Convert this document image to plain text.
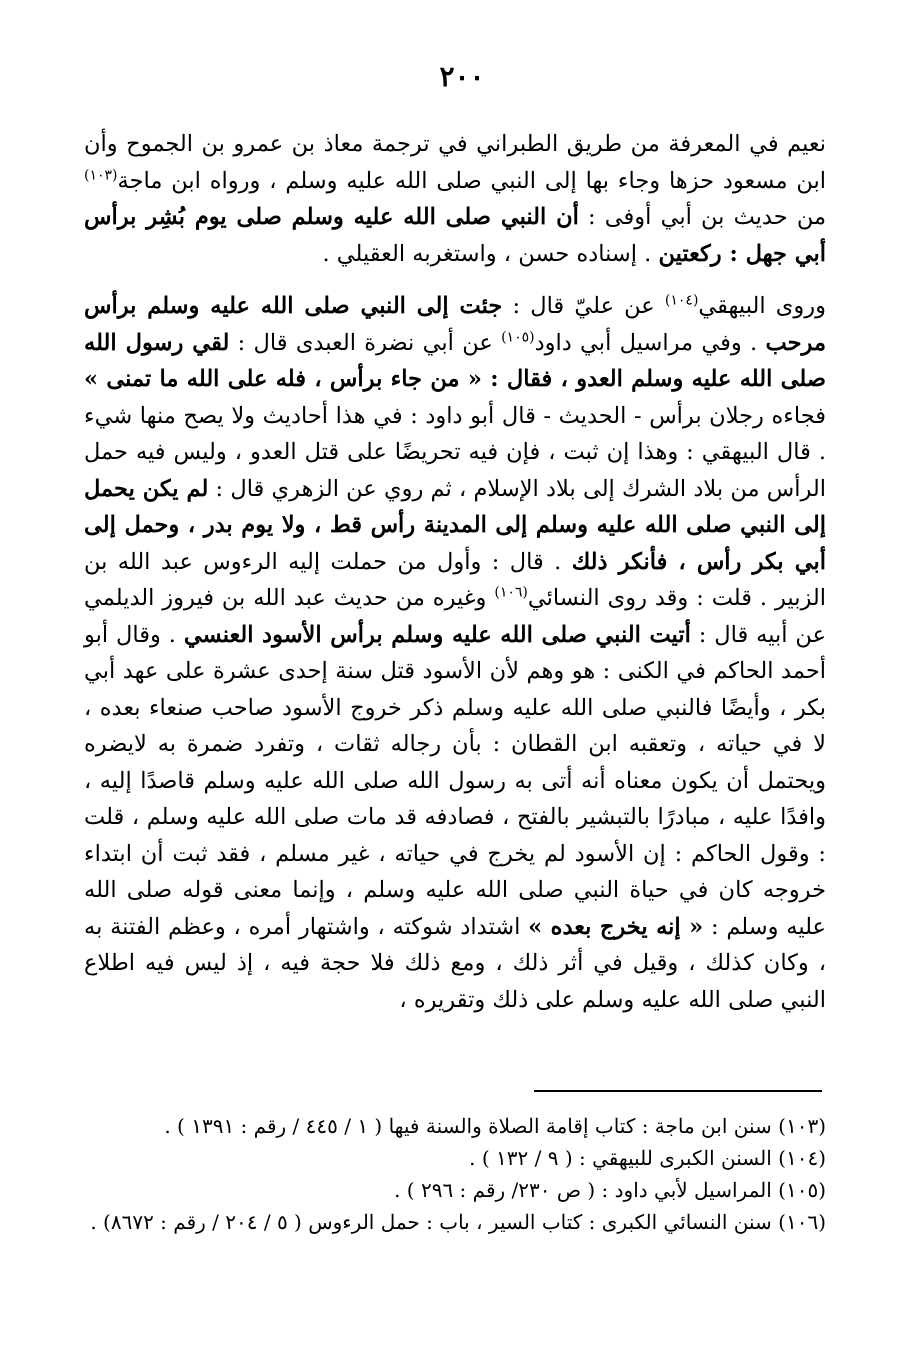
٢٠٠

نعيم في المعرفة من طريق الطبراني في ترجمة معاذ بن عمرو بن الجموح وأن ابن مسعود حزها وجاء بها إلى النبي صلى الله عليه وسلم ، ورواه ابن ماجة$^{(١٠٣)}$ من حديث بن أبي أوفى : أن النبي صلى الله عليه وسلم صلى يوم بُشِر برأس أبي جهل : ركعتين . إسناده حسن ، واستغربه العقيلي .

وروى البيهقي$^{(١٠٤)}$ عن عليّ قال : جئت إلى النبي صلى الله عليه وسلم برأس مرحب . وفي مراسيل أبي داود$^{(١٠٥)}$ عن أبي نضرة العبدى قال : لقي رسول الله صلى الله عليه وسلم العدو ، فقال : « من جاء برأس ، فله على الله ما تمنى » فجاءه رجلان برأس - الحديث - قال أبو داود : في هذا أحاديث ولا يصح منها شيء . قال البيهقي : وهذا إن ثبت ، فإن فيه تحريضًا على قتل العدو ، وليس فيه حمل الرأس من بلاد الشرك إلى بلاد الإسلام ، ثم روي عن الزهري قال : لم يكن يحمل إلى النبي صلى الله عليه وسلم إلى المدينة رأس قط ، ولا يوم بدر ، وحمل إلى أبي بكر رأس ، فأنكر ذلك . قال : وأول من حملت إليه الرءوس عبد الله بن الزبير . قلت : وقد روى النسائي$^{(١٠٦)}$ وغيره من حديث عبد الله بن فيروز الديلمي عن أبيه قال : أتيت النبي صلى الله عليه وسلم برأس الأسود العنسي . وقال أبو أحمد الحاكم في الكنى : هو وهم لأن الأسود قتل سنة إحدى عشرة على عهد أبي بكر ، وأيضًا فالنبي صلى الله عليه وسلم ذكر خروج الأسود صاحب صنعاء بعده ، لا في حياته ، وتعقبه ابن القطان : بأن رجاله ثقات ، وتفرد ضمرة به لايضره ويحتمل أن يكون معناه أنه أتى به رسول الله صلى الله عليه وسلم قاصدًا إليه ، وافدًا عليه ، مبادرًا بالتبشير بالفتح ، فصادفه قد مات صلى الله عليه وسلم ، قلت : وقول الحاكم : إن الأسود لم يخرج في حياته ، غير مسلم ، فقد ثبت أن ابتداء خروجه كان في حياة النبي صلى الله عليه وسلم ، وإنما معنى قوله صلى الله عليه وسلم : « إنه يخرج بعده » اشتداد شوكته ، واشتهار أمره ، وعظم الفتنة به ، وكان كذلك ، وقيل في أثر ذلك ، ومع ذلك فلا حجة فيه ، إذ ليس فيه اطلاع النبي صلى الله عليه وسلم على ذلك وتقريره ،

(١٠٣) سنن ابن ماجة : كتاب إقامة الصلاة والسنة فيها ( ١ / ٤٤٥ / رقم : ١٣٩١ ) .
(١٠٤) السنن الكبرى للبيهقي : ( ٩ / ١٣٢ ) .
(١٠٥) المراسيل لأبي داود : ( ص ٢٣٠/ رقم : ٢٩٦ ) .
(١٠٦) سنن النسائي الكبرى : كتاب السير ، باب : حمل الرءوس ( ٥ / ٢٠٤ / رقم : ٨٦٧٢) .
